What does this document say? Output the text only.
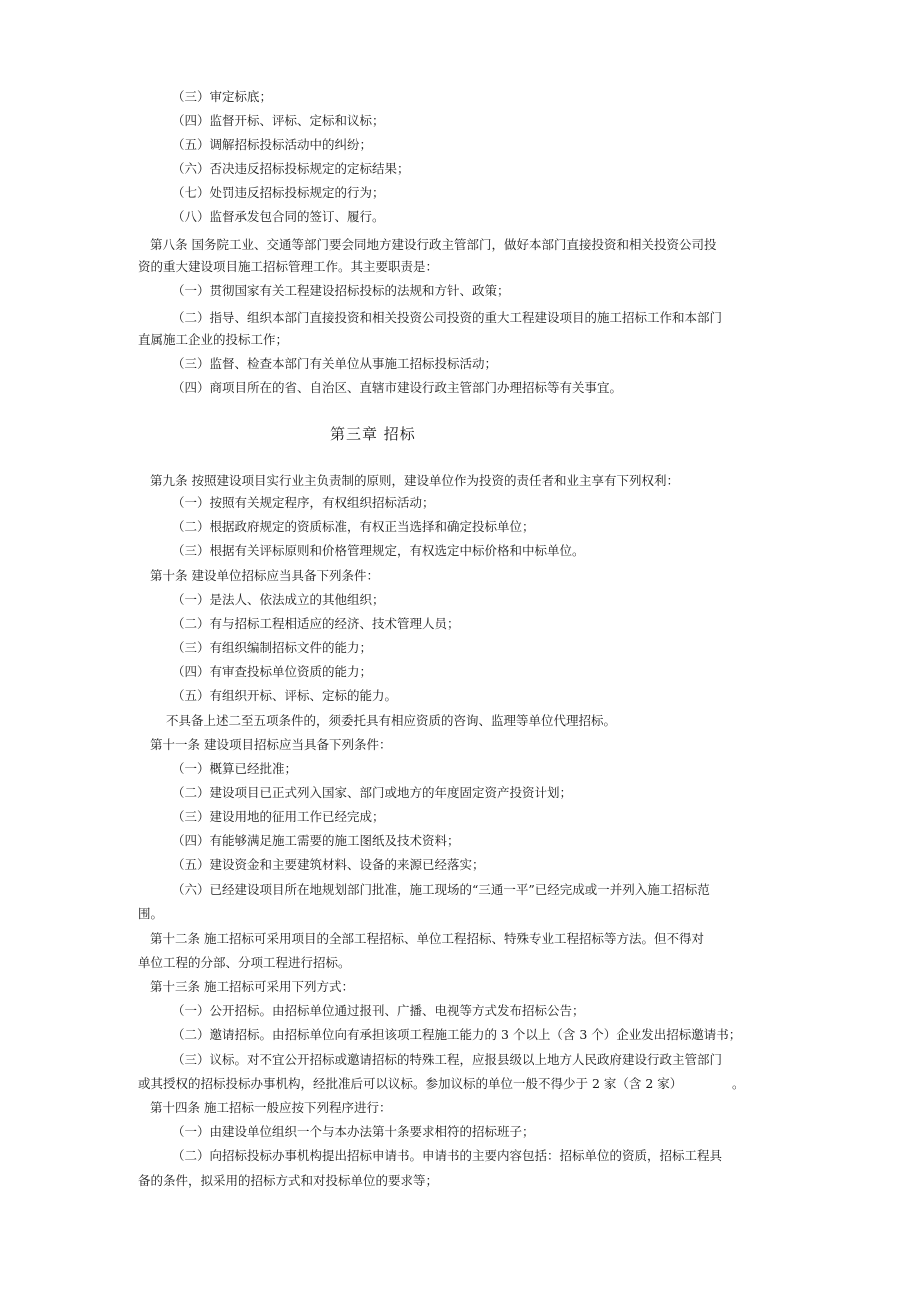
（三）审定标底；
（四）监督开标、评标、定标和议标；
（五）调解招标投标活动中的纠纷；
（六）否决违反招标投标规定的定标结果；
（七）处罚违反招标投标规定的行为；
（八）监督承发包合同的签订、履行。
第八条 国务院工业、交通等部门要会同地方建设行政主管部门，做好本部门直接投资和相关投资公司投
资的重大建设项目施工招标管理工作。其主要职责是：
（一）贯彻国家有关工程建设招标投标的法规和方针、政策；
（二）指导、组织本部门直接投资和相关投资公司投资的重大工程建设项目的施工招标工作和本部门
直属施工企业的投标工作；
（三）监督、检查本部门有关单位从事施工招标投标活动；
（四）商项目所在的省、自治区、直辖市建设行政主管部门办理招标等有关事宜。
第三章 招标
第九条 按照建设项目实行业主负责制的原则，建设单位作为投资的责任者和业主享有下列权利：
（一）按照有关规定程序，有权组织招标活动；
（二）根据政府规定的资质标准，有权正当选择和确定投标单位；
（三）根据有关评标原则和价格管理规定，有权选定中标价格和中标单位。
第十条 建设单位招标应当具备下列条件：
（一）是法人、依法成立的其他组织；
（二）有与招标工程相适应的经济、技术管理人员；
（三）有组织编制招标文件的能力；
（四）有审查投标单位资质的能力；
（五）有组织开标、评标、定标的能力。
不具备上述二至五项条件的，须委托具有相应资质的咨询、监理等单位代理招标。
第十一条 建设项目招标应当具备下列条件：
（一）概算已经批准；
（二）建设项目已正式列入国家、部门或地方的年度固定资产投资计划；
（三）建设用地的征用工作已经完成；
（四）有能够满足施工需要的施工图纸及技术资料；
（五）建设资金和主要建筑材料、设备的来源已经落实；
（六）已经建设项目所在地规划部门批准，施工现场的“三通一平”已经完成或一并列入施工招标范
围。
第十二条 施工招标可采用项目的全部工程招标、单位工程招标、特殊专业工程招标等方法。但不得对
单位工程的分部、分项工程进行招标。
第十三条 施工招标可采用下列方式：
（一）公开招标。由招标单位通过报刊、广播、电视等方式发布招标公告；
（二）邀请招标。由招标单位向有承担该项工程施工能力的 3 个以上（含 3 个）企业发出招标邀请书；
（三）议标。对不宜公开招标或邀请招标的特殊工程，应报县级以上地方人民政府建设行政主管部门
或其授权的招标投标办事机构，经批准后可以议标。参加议标的单位一般不得少于 2 家（含 2 家）	。
第十四条 施工招标一般应按下列程序进行：
（一）由建设单位组织一个与本办法第十条要求相符的招标班子；
（二）向招标投标办事机构提出招标申请书。申请书的主要内容包括：招标单位的资质，招标工程具
备的条件，拟采用的招标方式和对投标单位的要求等；
